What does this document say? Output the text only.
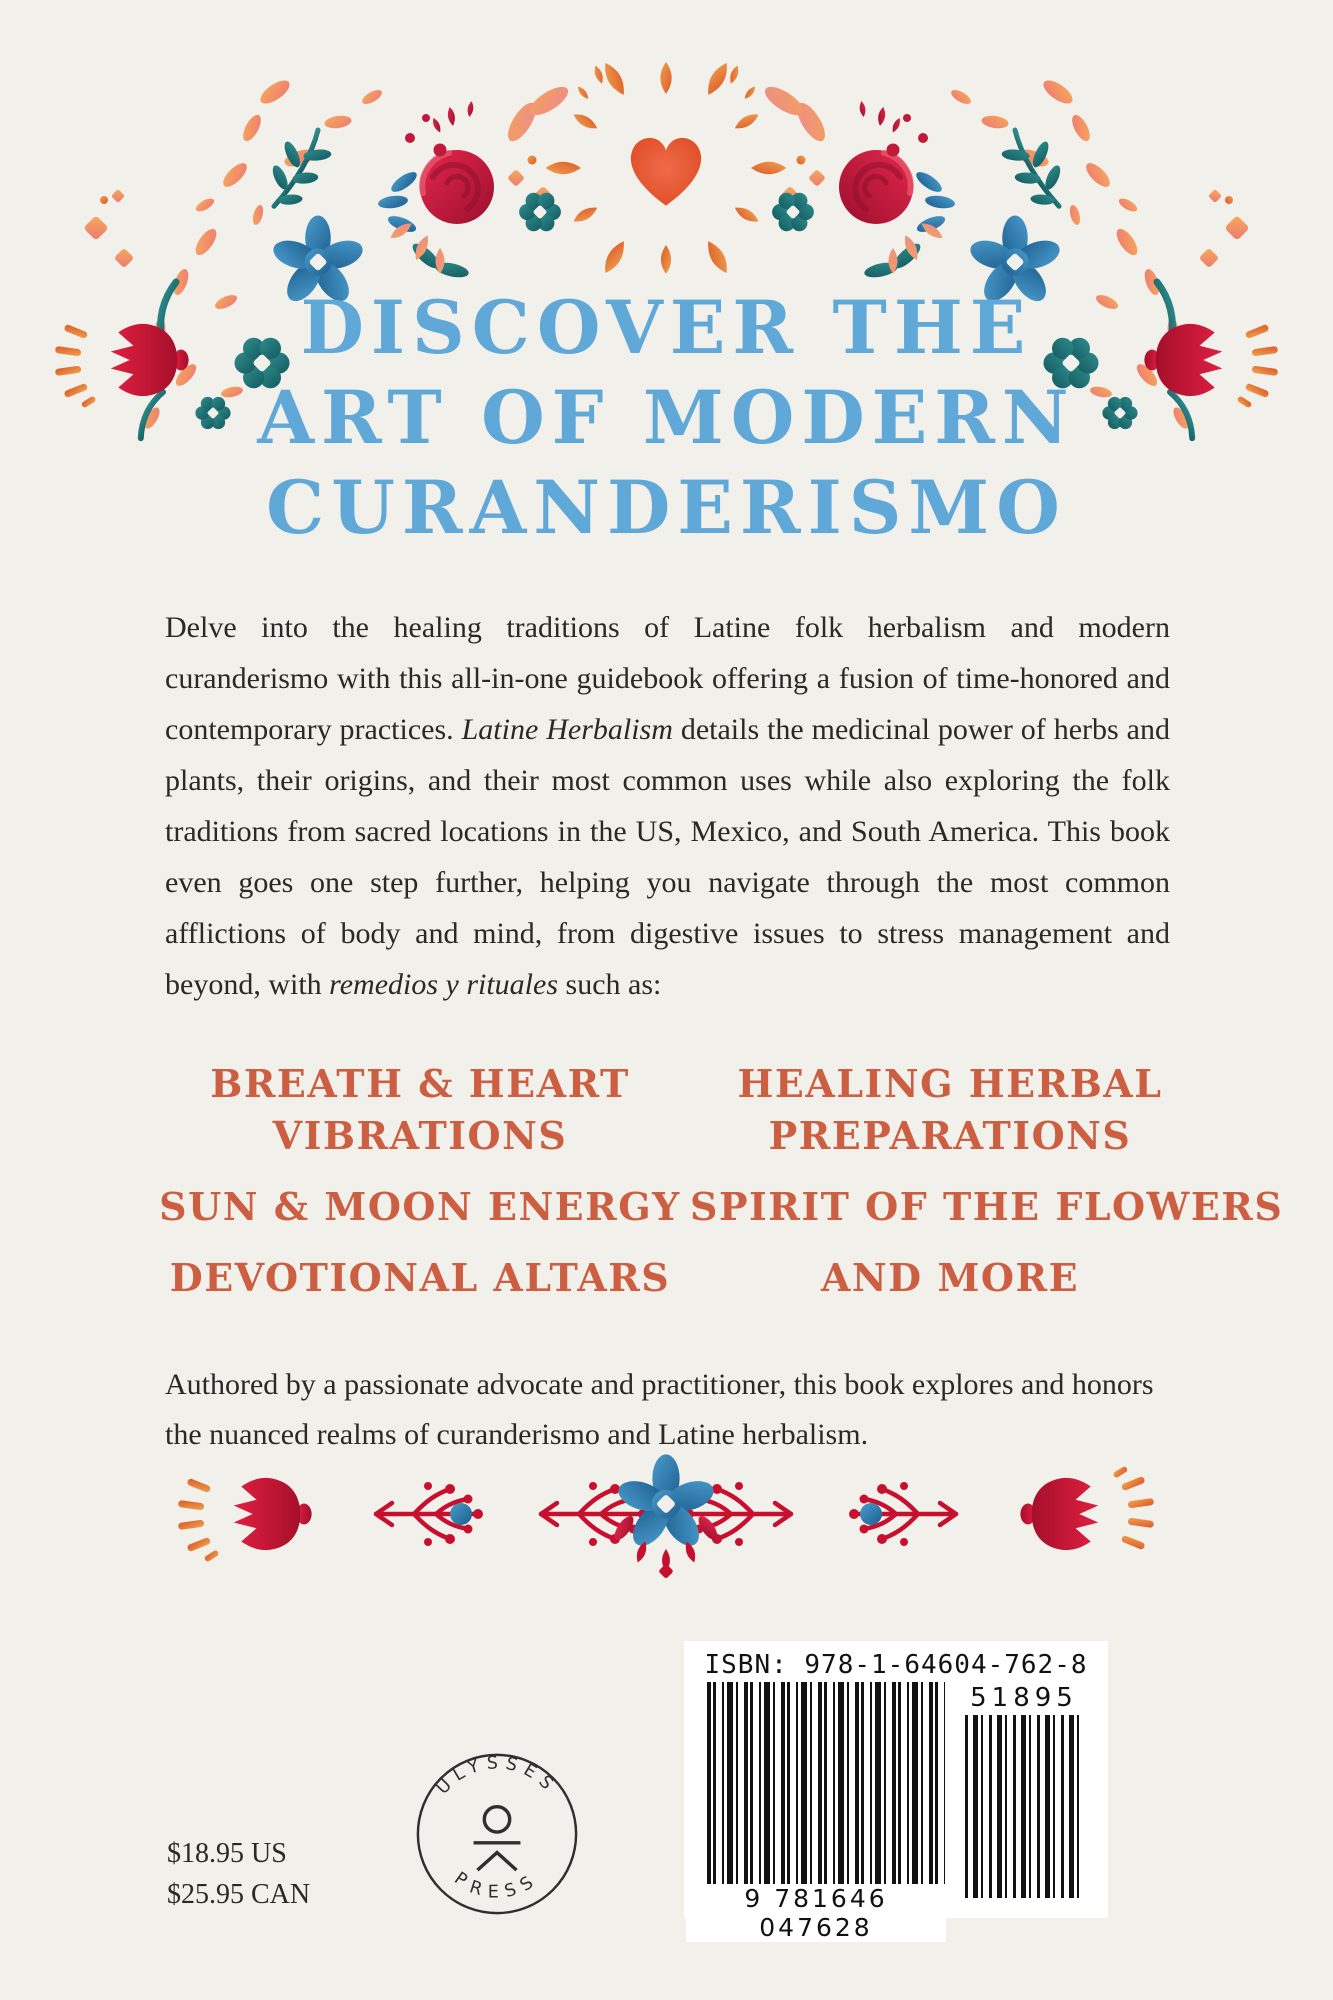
DISCOVER THE
ART OF MODERN
CURANDERISMO

Delve into the healing traditions of Latine folk herbalism and modern curanderismo with this all-in-one guidebook offering a fusion of time-honored and contemporary practices. Latine Herbalism details the medicinal power of herbs and plants, their origins, and their most common uses while also exploring the folk traditions from sacred locations in the US, Mexico, and South America. This book even goes one step further, helping you navigate through the most common afflictions of body and mind, from digestive issues to stress management and beyond, with remedios y rituales such as:

BREATH & HEART VIBRATIONS
HEALING HERBAL PREPARATIONS
SUN & MOON ENERGY SPIRIT OF THE FLOWERS
DEVOTIONAL ALTARS	AND MORE

Authored by a passionate advocate and practitioner, this book explores and honors the nuanced realms of curanderismo and Latine herbalism.

$18.95 US
$25.95 CAN
ULYSSES
PRESS
ISBN: 978-1-64604-762-8
51895
9 781646 047628
